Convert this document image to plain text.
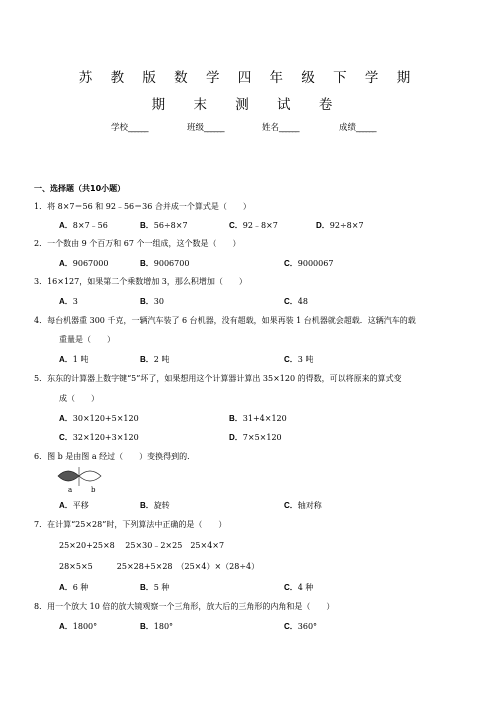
苏 教 版 数 学 四 年 级 下 学 期
期 末 测 试 卷
学校______	班级______	姓名______	成绩______
一、选择题（共10小题）
1．将 8×7＝56 和 92﹣56＝36 合并成一个算式是（　　）
A．8×7﹣56	B．56÷8×7	C．92﹣8×7	D．92÷8×7
2．一个数由 9 个百万和 67 个一组成，这个数是（　　）
A．9067000	B．9006700	C．9000067
3．16×127，如果第二个乘数增加 3，那么积增加（　　）
A．3	B．30	C．48
4．每台机器重 300 千克，一辆汽车装了 6 台机器，没有超载，如果再装 1 台机器就会超载．这辆汽车的载
重量是（　　）
A．1 吨	B．2 吨	C．3 吨
5．东东的计算器上数字键“5”坏了，如果想用这个计算器计算出 35×120 的得数，可以将原来的算式变
成（　　）
A．30×120+5×120	B．31+4×120
C．32×120+3×120	D．7×5×120
6．图 b 是由图 a 经过（　　）变换得到的．
a	b
A．平移	B．旋转	C．轴对称
7．在计算“25×28”时，下列算法中正确的是（　　）
25×20+25×8　 25×30﹣2×25　25×4×7
28×5×5　　　25×28+5×28　（25×4）×（28÷4）
A．6 种	B．5 种	C．4 种
8．用一个放大 10 倍的放大镜观察一个三角形，放大后的三角形的内角和是（　　）
A．1800°	B．180°	C．360°
